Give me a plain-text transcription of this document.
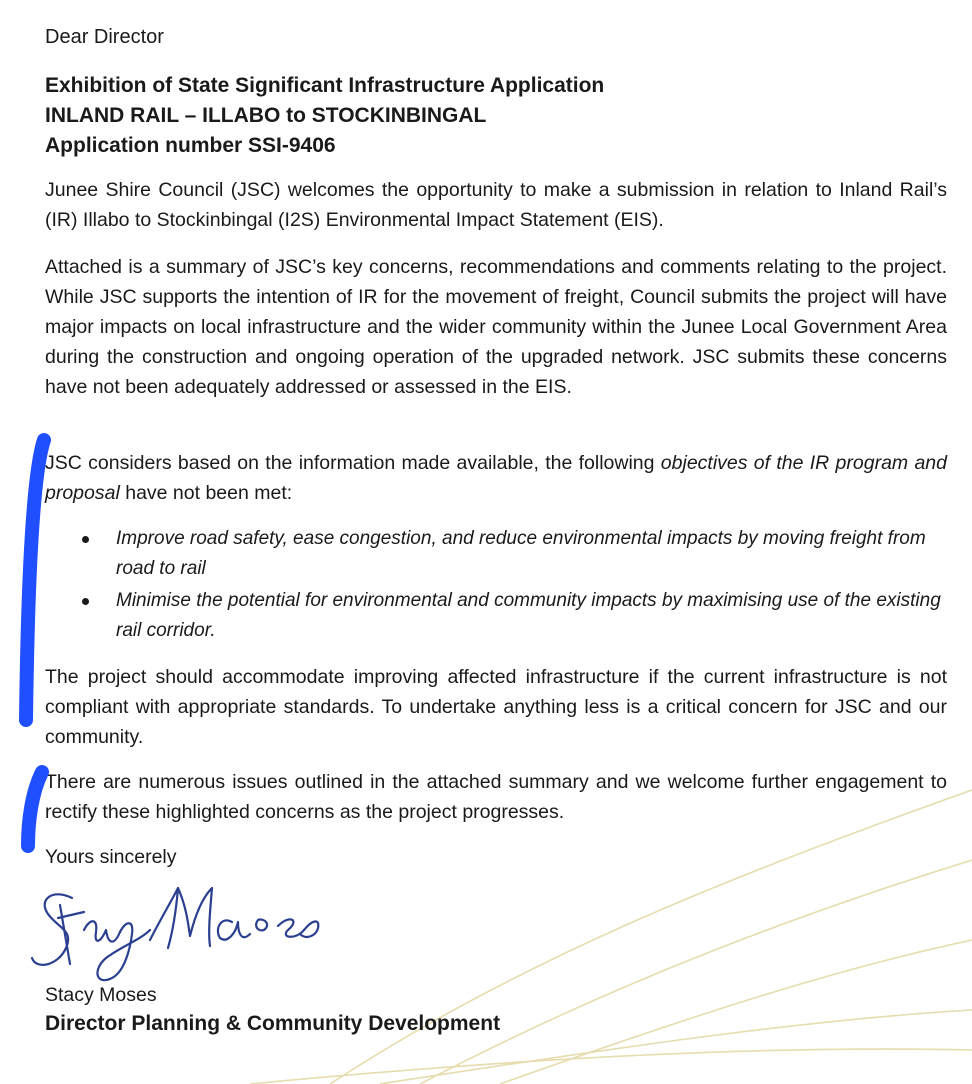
Dear Director
Exhibition of State Significant Infrastructure Application
INLAND RAIL – ILLABO to STOCKINBINGAL
Application number SSI-9406
Junee Shire Council (JSC) welcomes the opportunity to make a submission in relation to Inland Rail’s (IR) Illabo to Stockinbingal (I2S) Environmental Impact Statement (EIS).
Attached is a summary of JSC’s key concerns, recommendations and comments relating to the project. While JSC supports the intention of IR for the movement of freight, Council submits the project will have major impacts on local infrastructure and the wider community within the Junee Local Government Area during the construction and ongoing operation of the upgraded network. JSC submits these concerns have not been adequately addressed or assessed in the EIS.
JSC considers based on the information made available, the following objectives of the IR program and proposal have not been met:
Improve road safety, ease congestion, and reduce environmental impacts by moving freight from road to rail
Minimise the potential for environmental and community impacts by maximising use of the existing rail corridor.
The project should accommodate improving affected infrastructure if the current infrastructure is not compliant with appropriate standards. To undertake anything less is a critical concern for JSC and our community.
There are numerous issues outlined in the attached summary and we welcome further engagement to rectify these highlighted concerns as the project progresses.
Yours sincerely
Stacy Moses
Director Planning & Community Development
